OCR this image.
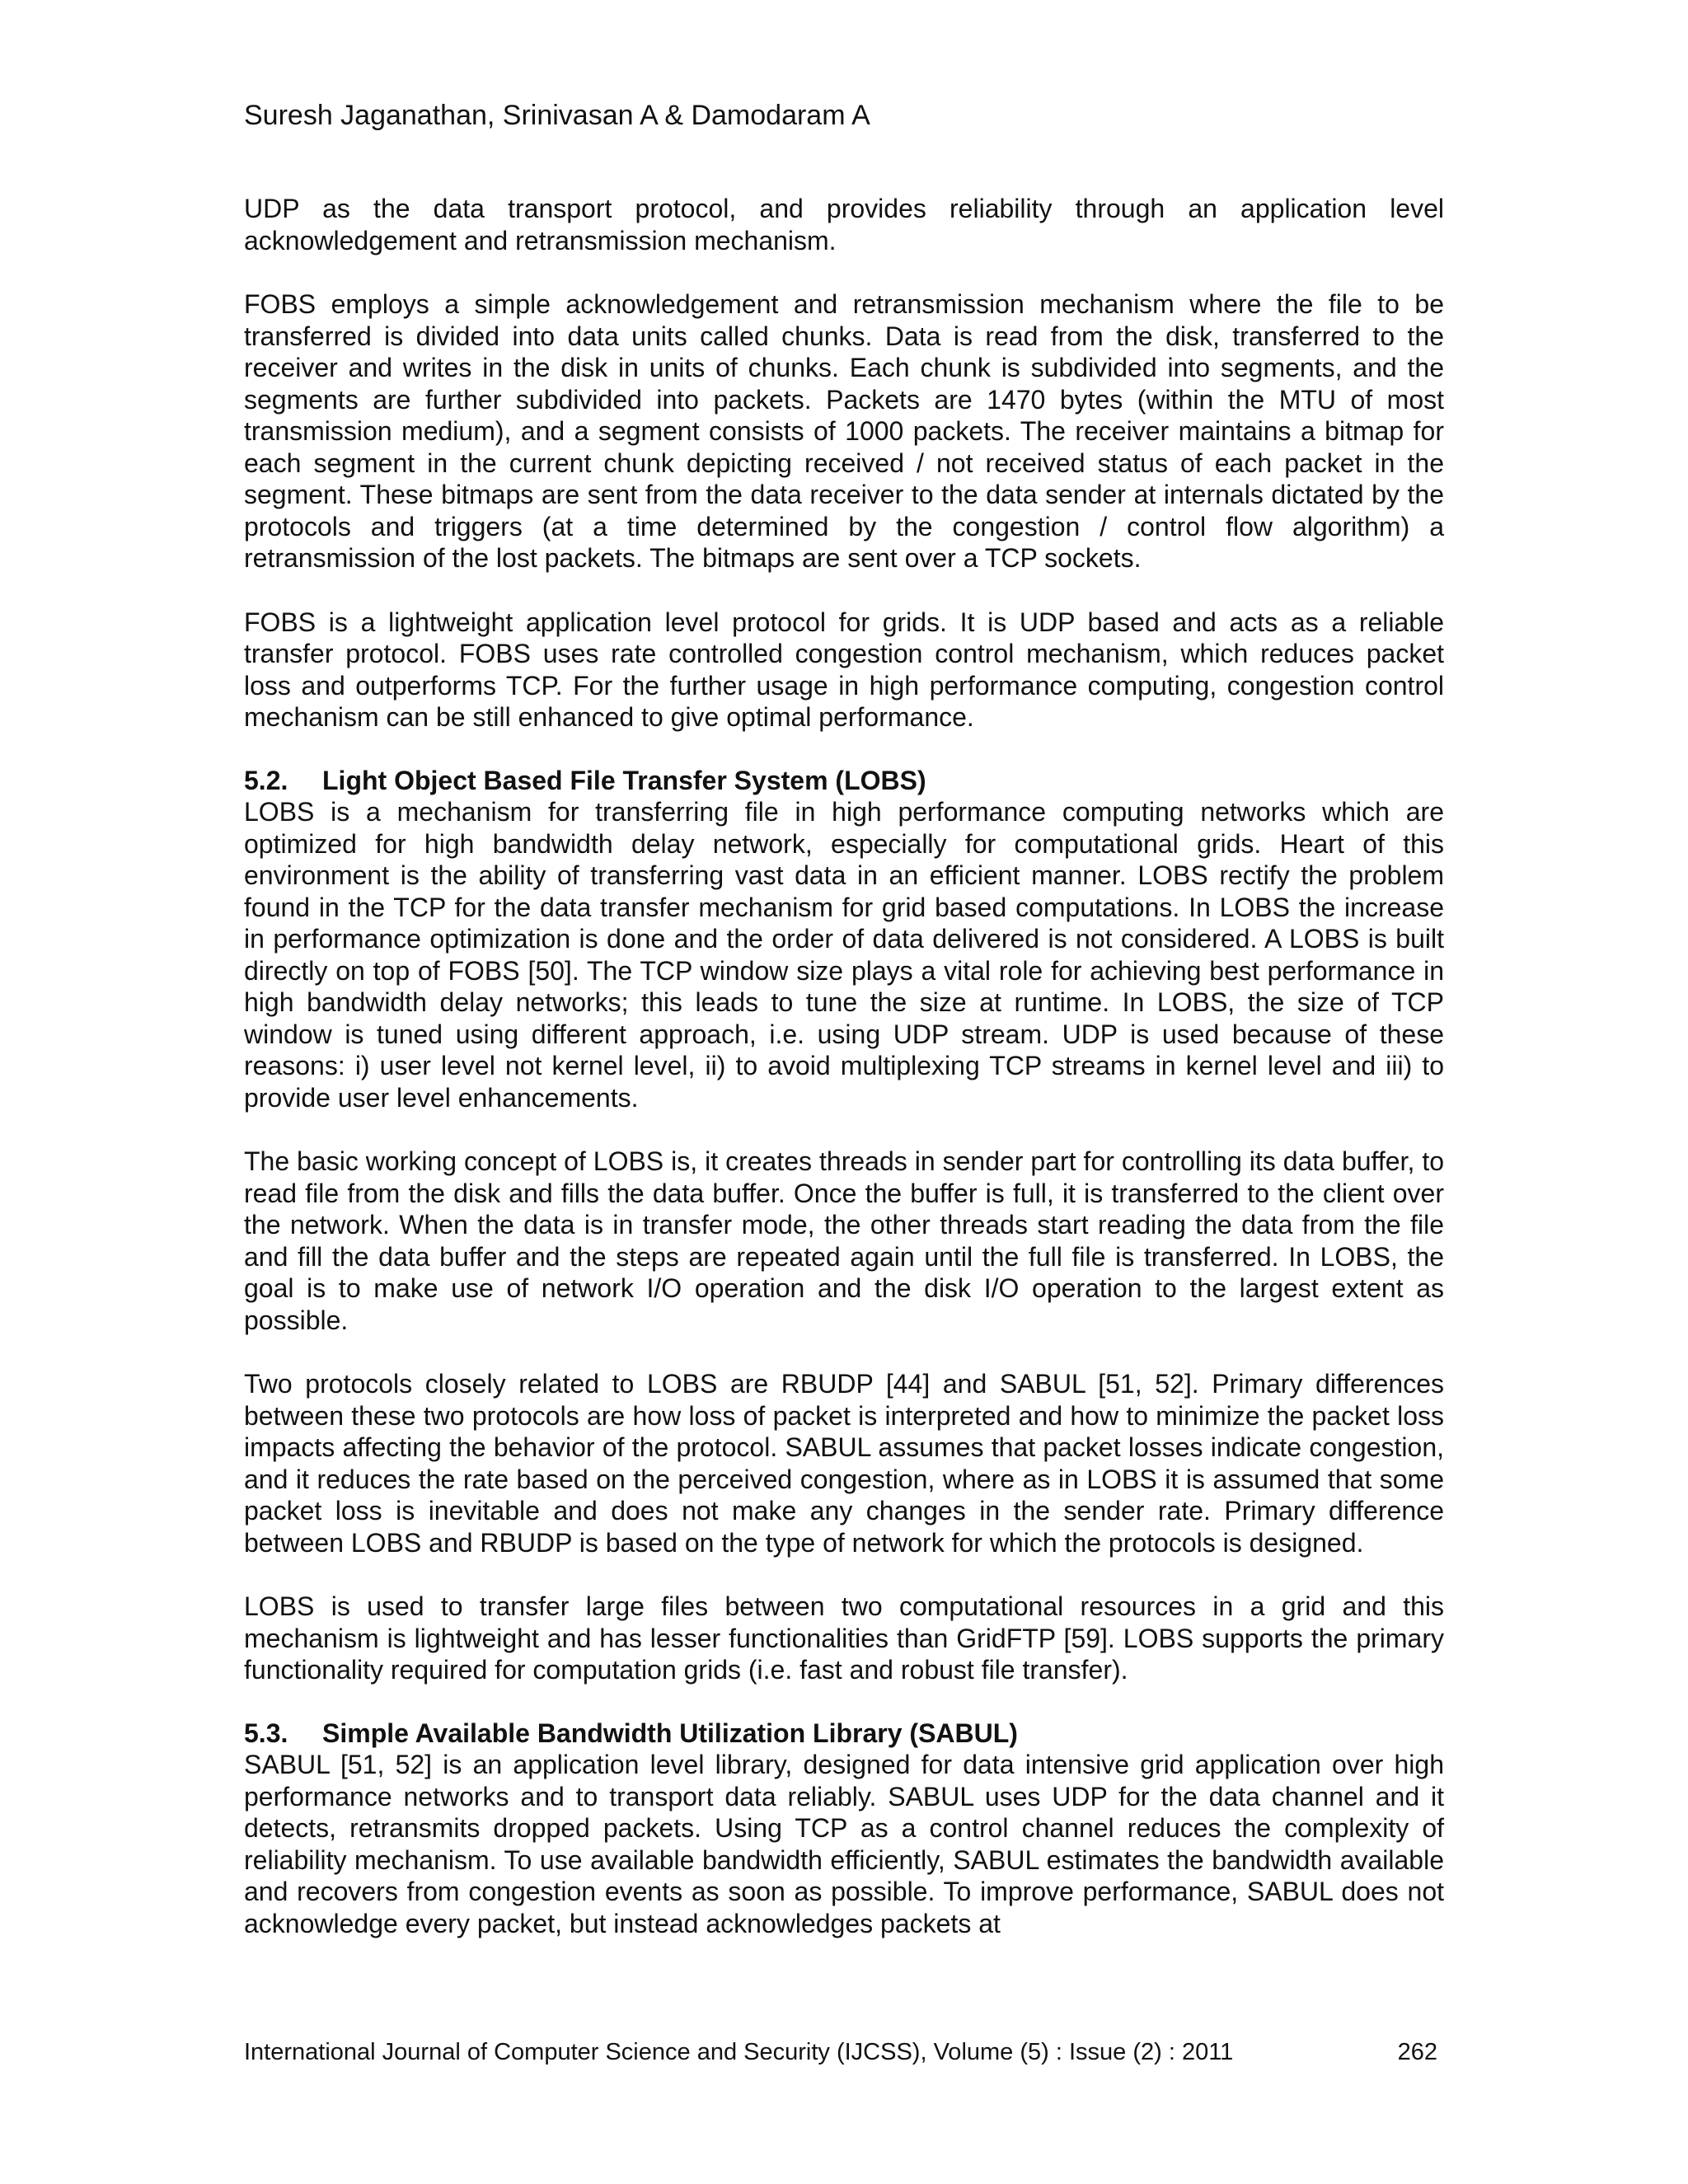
Suresh Jaganathan, Srinivasan A & Damodaram A

UDP as the data transport protocol, and provides reliability through an application level acknowledgement and retransmission mechanism.

FOBS employs a simple acknowledgement and retransmission mechanism where the file to be transferred is divided into data units called chunks. Data is read from the disk, transferred to the receiver and writes in the disk in units of chunks. Each chunk is subdivided into segments, and the segments are further subdivided into packets. Packets are 1470 bytes (within the MTU of most transmission medium), and a segment consists of 1000 packets. The receiver maintains a bitmap for each segment in the current chunk depicting received / not received status of each packet in the segment. These bitmaps are sent from the data receiver to the data sender at internals dictated by the protocols and triggers (at a time determined by the congestion / control flow algorithm) a retransmission of the lost packets. The bitmaps are sent over a TCP sockets.

FOBS is a lightweight application level protocol for grids. It is UDP based and acts as a reliable transfer protocol. FOBS uses rate controlled congestion control mechanism, which reduces packet loss and outperforms TCP. For the further usage in high performance computing, congestion control mechanism can be still enhanced to give optimal performance.

5.2. Light Object Based File Transfer System (LOBS)

LOBS is a mechanism for transferring file in high performance computing networks which are optimized for high bandwidth delay network, especially for computational grids. Heart of this environment is the ability of transferring vast data in an efficient manner. LOBS rectify the problem found in the TCP for the data transfer mechanism for grid based computations. In LOBS the increase in performance optimization is done and the order of data delivered is not considered. A LOBS is built directly on top of FOBS [50]. The TCP window size plays a vital role for achieving best performance in high bandwidth delay networks; this leads to tune the size at runtime. In LOBS, the size of TCP window is tuned using different approach, i.e. using UDP stream. UDP is used because of these reasons: i) user level not kernel level, ii) to avoid multiplexing TCP streams in kernel level and iii) to provide user level enhancements.

The basic working concept of LOBS is, it creates threads in sender part for controlling its data buffer, to read file from the disk and fills the data buffer. Once the buffer is full, it is transferred to the client over the network. When the data is in transfer mode, the other threads start reading the data from the file and fill the data buffer and the steps are repeated again until the full file is transferred. In LOBS, the goal is to make use of network I/O operation and the disk I/O operation to the largest extent as possible.

Two protocols closely related to LOBS are RBUDP [44] and SABUL [51, 52]. Primary differences between these two protocols are how loss of packet is interpreted and how to minimize the packet loss impacts affecting the behavior of the protocol. SABUL assumes that packet losses indicate congestion, and it reduces the rate based on the perceived congestion, where as in LOBS it is assumed that some packet loss is inevitable and does not make any changes in the sender rate. Primary difference between LOBS and RBUDP is based on the type of network for which the protocols is designed.

LOBS is used to transfer large files between two computational resources in a grid and this mechanism is lightweight and has lesser functionalities than GridFTP [59]. LOBS supports the primary functionality required for computation grids (i.e. fast and robust file transfer).

5.3. Simple Available Bandwidth Utilization Library (SABUL)

SABUL [51, 52] is an application level library, designed for data intensive grid application over high performance networks and to transport data reliably. SABUL uses UDP for the data channel and it detects, retransmits dropped packets. Using TCP as a control channel reduces the complexity of reliability mechanism. To use available bandwidth efficiently, SABUL estimates the bandwidth available and recovers from congestion events as soon as possible. To improve performance, SABUL does not acknowledge every packet, but instead acknowledges packets at

International Journal of Computer Science and Security (IJCSS), Volume (5) : Issue (2) : 2011	262
